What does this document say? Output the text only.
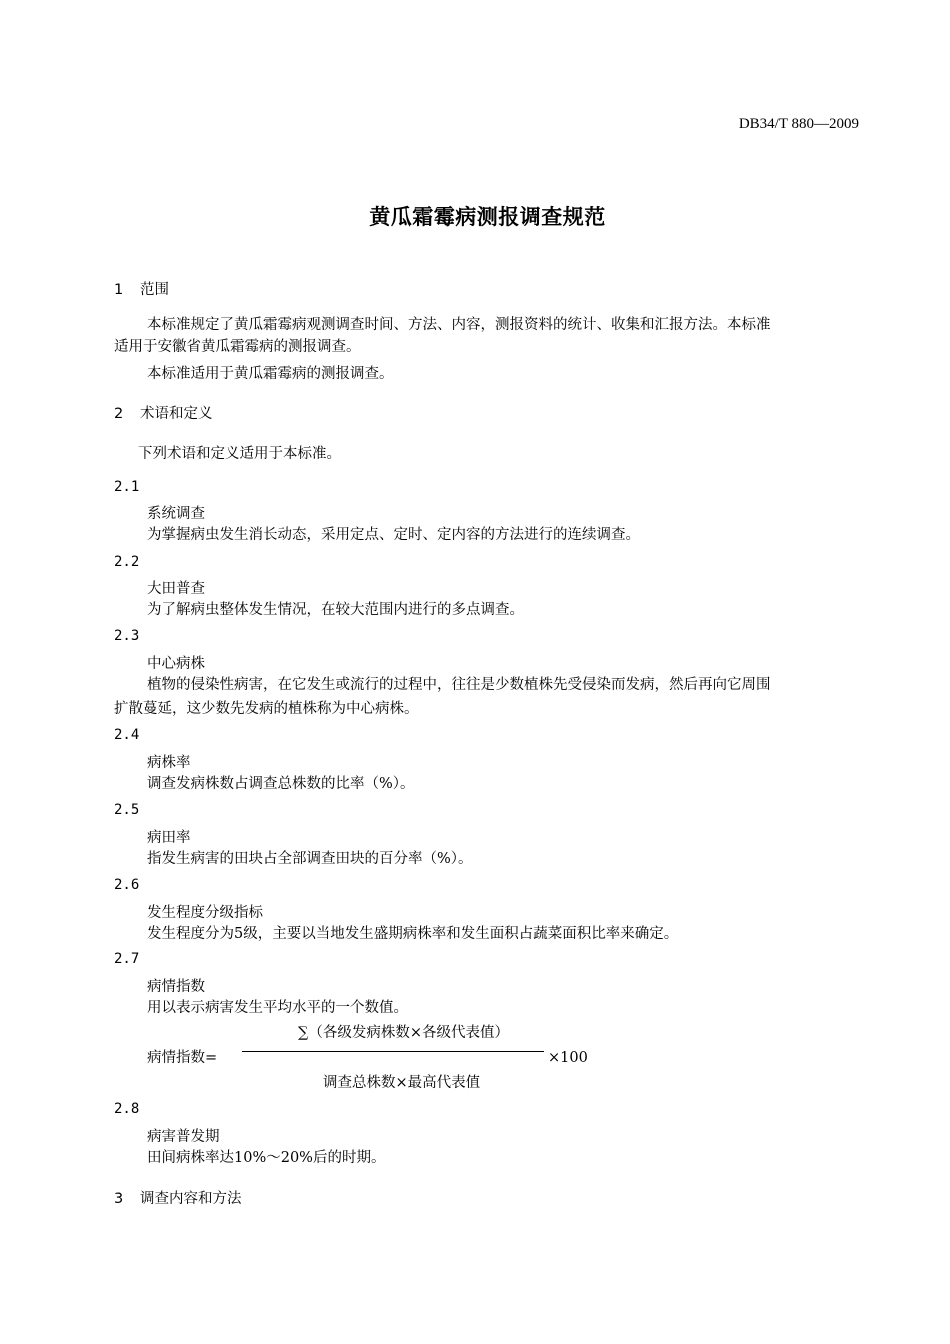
DB34/T 880—2009
黄瓜霜霉病测报调查规范
1 范围
本标准规定了黄瓜霜霉病观测调查时间、方法、内容，测报资料的统计、收集和汇报方法。本标准
适用于安徽省黄瓜霜霉病的测报调查。
本标准适用于黄瓜霜霉病的测报调查。
2 术语和定义
下列术语和定义适用于本标准。
2.1
系统调查
为掌握病虫发生消长动态，采用定点、定时、定内容的方法进行的连续调查。
2.2
大田普查
为了解病虫整体发生情况，在较大范围内进行的多点调查。
2.3
中心病株
植物的侵染性病害，在它发生或流行的过程中，往往是少数植株先受侵染而发病，然后再向它周围
扩散蔓延，这少数先发病的植株称为中心病株。
2.4
病株率
调查发病株数占调查总株数的比率（%）。
2.5
病田率
指发生病害的田块占全部调查田块的百分率（%）。
2.6
发生程度分级指标
发生程度分为5级，主要以当地发生盛期病株率和发生面积占蔬菜面积比率来确定。
2.7
病情指数
用以表示病害发生平均水平的一个数值。
∑（各级发病株数×各级代表值）
病情指数=	×100
调查总株数×最高代表值
2.8
病害普发期
田间病株率达10%～20%后的时期。
3 调查内容和方法
